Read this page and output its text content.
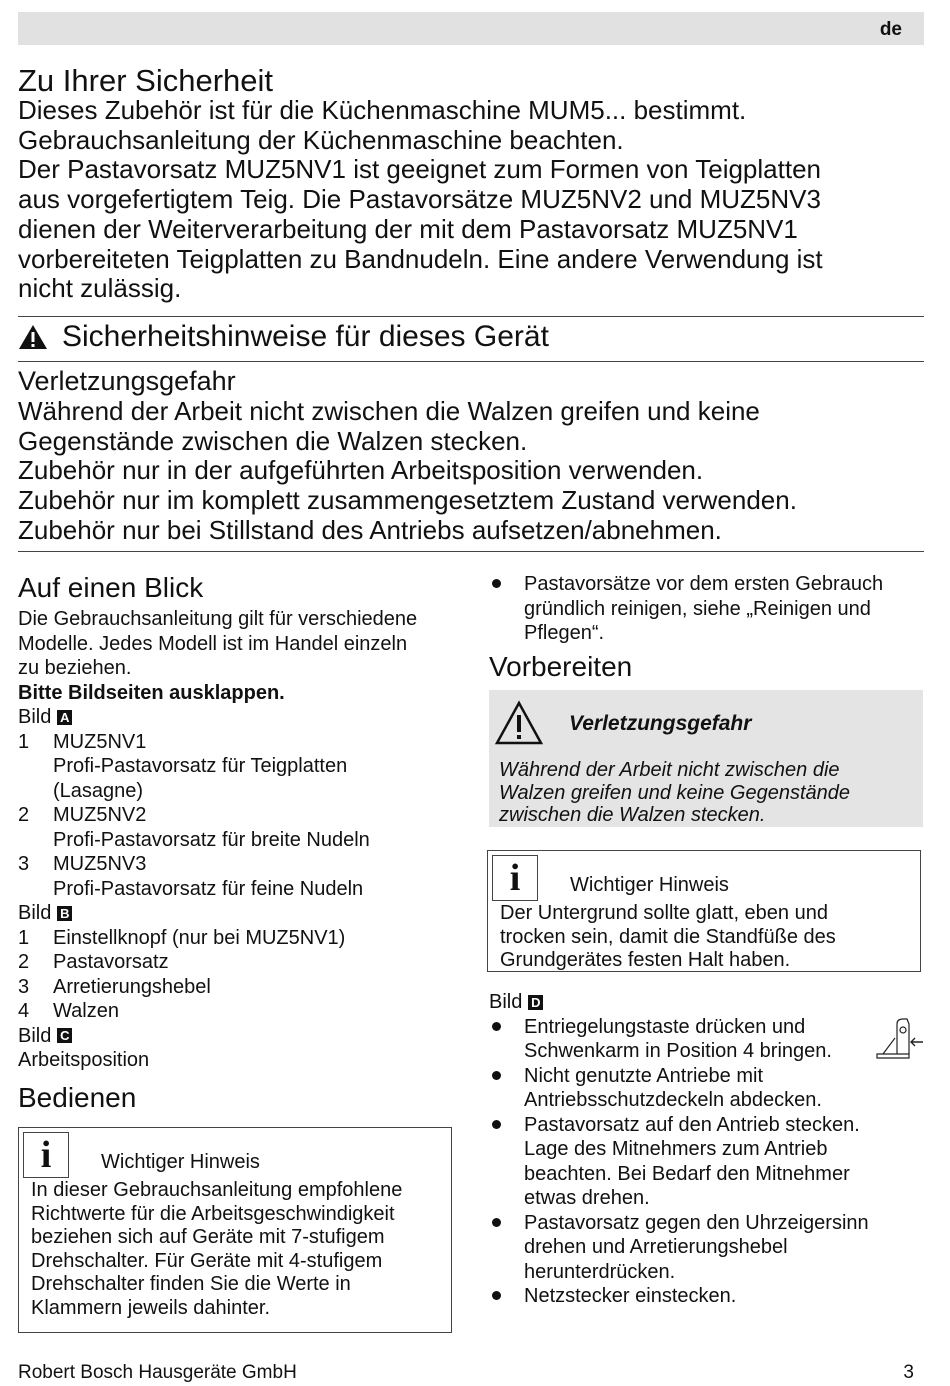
de
Zu Ihrer Sicherheit

Dieses Zubehör ist für die Küchenmaschine MUM5... bestimmt.

Gebrauchsanleitung der Küchenmaschine beachten.

Der Pastavorsatz MUZ5NV1 ist geeignet zum Formen von Teigplatten

aus vorgefertigtem Teig. Die Pastavorsätze MUZ5NV2 und MUZ5NV3

dienen der Weiterverarbeitung der mit dem Pastavorsatz MUZ5NV1

vorbereiteten Teigplatten zu Bandnudeln. Eine andere Verwendung ist

nicht zulässig.

Sicherheitshinweise für dieses Gerät
Verletzungsgefahr

Während der Arbeit nicht zwischen die Walzen greifen und keine

Gegenstände zwischen die Walzen stecken.

Zubehör nur in der aufgeführten Arbeitsposition verwenden.

Zubehör nur im komplett zusammengesetztem Zustand verwenden.

Zubehör nur bei Stillstand des Antriebs aufsetzen/abnehmen.

Auf einen Blick

Die Gebrauchsanleitung gilt für verschiedene

Modelle. Jedes Modell ist im Handel einzeln

zu beziehen.

Bitte Bildseiten ausklappen.

Bild A
1	MUZ5NV1

Profi-Pastavorsatz für Teigplatten

(Lasagne)

2	MUZ5NV2

Profi-Pastavorsatz für breite Nudeln

3	MUZ5NV3

Profi-Pastavorsatz für feine Nudeln

Bild B
1	Einstellknopf (nur bei MUZ5NV1)
2	Pastavorsatz
3	Arretierungshebel
4	Walzen
Bild C

Arbeitsposition

Bedienen
i	Wichtiger Hinweis
In dieser Gebrauchsanleitung empfohlene
Richtwerte für die Arbeitsgeschwindigkeit
beziehen sich auf Geräte mit 7-stufigem
Drehschalter. Für Geräte mit 4-stufigem
Drehschalter finden Sie die Werte in
Klammern jeweils dahinter.
Pastavorsätze vor dem ersten Gebrauch
gründlich reinigen, siehe „Reinigen und
Pflegen“.
Vorbereiten
Verletzungsgefahr
Während der Arbeit nicht zwischen die
Walzen greifen und keine Gegenstände
zwischen die Walzen stecken.
i	Wichtiger Hinweis
Der Untergrund sollte glatt, eben und
trocken sein, damit die Standfüße des
Grundgerätes festen Halt haben.
Bild D
Entriegelungstaste drücken und
Schwenkarm in Position 4 bringen.
Nicht genutzte Antriebe mit
Antriebsschutzdeckeln abdecken.
Pastavorsatz auf den Antrieb stecken.
Lage des Mitnehmers zum Antrieb
beachten. Bei Bedarf den Mitnehmer
etwas drehen.
Pastavorsatz gegen den Uhrzeigersinn
drehen und Arretierungshebel
herunterdrücken.
Netzstecker einstecken.
Robert Bosch Hausgeräte GmbH	3
